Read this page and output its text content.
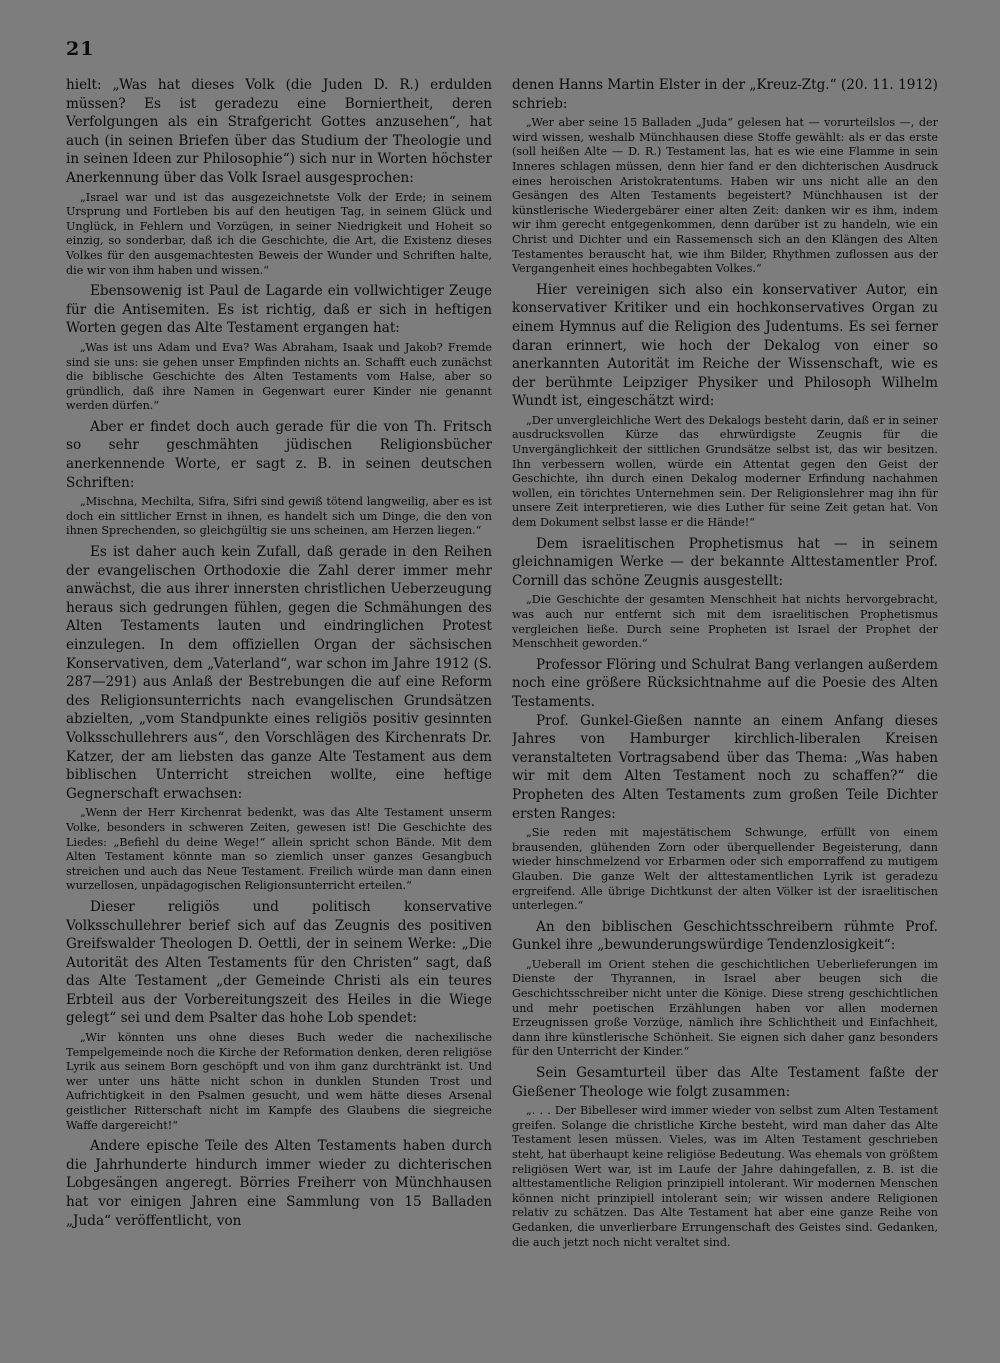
21

hielt: „Was hat dieses Volk (die Juden D. R.) erdulden müssen? Es ist geradezu eine Borniertheit, deren Verfolgungen als ein Strafgericht Gottes anzusehen“, hat auch (in seinen Briefen über das Studium der Theologie und in seinen Ideen zur Philosophie“) sich nur in Worten höchster Anerkennung über das Volk Israel ausgesprochen:

„Israel war und ist das ausgezeichnetste Volk der Erde; in seinem Ursprung und Fortleben bis auf den heutigen Tag, in seinem Glück und Unglück, in Fehlern und Vorzügen, in seiner Niedrigkeit und Hoheit so einzig, so sonderbar, daß ich die Geschichte, die Art, die Existenz dieses Volkes für den ausgemachtesten Beweis der Wunder und Schriften halte, die wir von ihm haben und wissen.“

Ebensowenig ist Paul de Lagarde ein vollwichtiger Zeuge für die Antisemiten. Es ist richtig, daß er sich in heftigen Worten gegen das Alte Testament ergangen hat:

„Was ist uns Adam und Eva? Was Abraham, Isaak und Jakob? Fremde sind sie uns: sie gehen unser Empfinden nichts an. Schafft euch zunächst die biblische Geschichte des Alten Testaments vom Halse, aber so gründlich, daß ihre Namen in Gegenwart eurer Kinder nie genannt werden dürfen.“

Aber er findet doch auch gerade für die von Th. Fritsch so sehr geschmähten jüdischen Religionsbücher anerkennende Worte, er sagt z. B. in seinen deutschen Schriften:

„Mischna, Mechilta, Sifra, Sifri sind gewiß tötend langweilig, aber es ist doch ein sittlicher Ernst in ihnen, es handelt sich um Dinge, die den von ihnen Sprechenden, so gleichgültig sie uns scheinen, am Herzen liegen.“

Es ist daher auch kein Zufall, daß gerade in den Reihen der evangelischen Orthodoxie die Zahl derer immer mehr anwächst, die aus ihrer innersten christlichen Ueberzeugung heraus sich gedrungen fühlen, gegen die Schmähungen des Alten Testaments lauten und eindringlichen Protest einzulegen. In dem offiziellen Organ der sächsischen Konservativen, dem „Vaterland“, war schon im Jahre 1912 (S. 287—291) aus Anlaß der Bestrebungen die auf eine Reform des Religionsunterrichts nach evangelischen Grundsätzen abzielten, „vom Standpunkte eines religiös positiv gesinnten Volksschullehrers aus“, den Vorschlägen des Kirchenrats Dr. Katzer, der am liebsten das ganze Alte Testament aus dem biblischen Unterricht streichen wollte, eine heftige Gegnerschaft erwachsen:

„Wenn der Herr Kirchenrat bedenkt, was das Alte Testament unserm Volke, besonders in schweren Zeiten, gewesen ist! Die Geschichte des Liedes: „Befiehl du deine Wege!“ allein spricht schon Bände. Mit dem Alten Testament könnte man so ziemlich unser ganzes Gesangbuch streichen und auch das Neue Testament. Freilich würde man dann einen wurzellosen, unpädagogischen Religionsunterricht erteilen.“

Dieser religiös und politisch konservative Volksschullehrer berief sich auf das Zeugnis des positiven Greifswalder Theologen D. Oettli, der in seinem Werke: „Die Autorität des Alten Testaments für den Christen“ sagt, daß das Alte Testament „der Gemeinde Christi als ein teures Erbteil aus der Vorbereitungszeit des Heiles in die Wiege gelegt“ sei und dem Psalter das hohe Lob spendet:

„Wir könnten uns ohne dieses Buch weder die nachexilische Tempelgemeinde noch die Kirche der Reformation denken, deren religiöse Lyrik aus seinem Born geschöpft und von ihm ganz durchtränkt ist. Und wer unter uns hätte nicht schon in dunklen Stunden Trost und Aufrichtigkeit in den Psalmen gesucht, und wem hätte dieses Arsenal geistlicher Ritterschaft nicht im Kampfe des Glaubens die siegreiche Waffe dargereicht!“

Andere epische Teile des Alten Testaments haben durch die Jahrhunderte hindurch immer wieder zu dichterischen Lobgesängen angeregt. Börries Freiherr von Münchhausen hat vor einigen Jahren eine Sammlung von 15 Balladen „Juda“ veröffentlicht, von

denen Hanns Martin Elster in der „Kreuz-Ztg.“ (20. 11. 1912) schrieb:

„Wer aber seine 15 Balladen „Juda“ gelesen hat — vorurteilslos —, der wird wissen, weshalb Münchhausen diese Stoffe gewählt: als er das erste (soll heißen Alte — D. R.) Testament las, hat es wie eine Flamme in sein Inneres schlagen müssen, denn hier fand er den dichterischen Ausdruck eines heroischen Aristokratentums. Haben wir uns nicht alle an den Gesängen des Alten Testaments begeistert? Münchhausen ist der künstlerische Wiedergebärer einer alten Zeit: danken wir es ihm, indem wir ihm gerecht entgegenkommen, denn darüber ist zu handeln, wie ein Christ und Dichter und ein Rassemensch sich an den Klängen des Alten Testamentes berauscht hat, wie ihm Bilder, Rhythmen zuflossen aus der Vergangenheit eines hochbegabten Volkes.“

Hier vereinigen sich also ein konservativer Autor, ein konservativer Kritiker und ein hochkonservatives Organ zu einem Hymnus auf die Religion des Judentums. Es sei ferner daran erinnert, wie hoch der Dekalog von einer so anerkannten Autorität im Reiche der Wissenschaft, wie es der berühmte Leipziger Physiker und Philosoph Wilhelm Wundt ist, eingeschätzt wird:

„Der unvergleichliche Wert des Dekalogs besteht darin, daß er in seiner ausdrucksvollen Kürze das ehrwürdigste Zeugnis für die Unvergänglichkeit der sittlichen Grundsätze selbst ist, das wir besitzen. Ihn verbessern wollen, würde ein Attentat gegen den Geist der Geschichte, ihn durch einen Dekalog moderner Erfindung nachahmen wollen, ein törichtes Unternehmen sein. Der Religionslehrer mag ihn für unsere Zeit interpretieren, wie dies Luther für seine Zeit getan hat. Von dem Dokument selbst lasse er die Hände!“

Dem israelitischen Prophetismus hat — in seinem gleichnamigen Werke — der bekannte Alttestamentler Prof. Cornill das schöne Zeugnis ausgestellt:

„Die Geschichte der gesamten Menschheit hat nichts hervorgebracht, was auch nur entfernt sich mit dem israelitischen Prophetismus vergleichen ließe. Durch seine Propheten ist Israel der Prophet der Menschheit geworden.“

Professor Flöring und Schulrat Bang verlangen außerdem noch eine größere Rücksichtnahme auf die Poesie des Alten Testaments.

Prof. Gunkel-Gießen nannte an einem Anfang dieses Jahres von Hamburger kirchlich-liberalen Kreisen veranstalteten Vortragsabend über das Thema: „Was haben wir mit dem Alten Testament noch zu schaffen?“ die Propheten des Alten Testaments zum großen Teile Dichter ersten Ranges:

„Sie reden mit majestätischem Schwunge, erfüllt von einem brausenden, glühenden Zorn oder überquellender Begeisterung, dann wieder hinschmelzend vor Erbarmen oder sich emporraffend zu mutigem Glauben. Die ganze Welt der alttestamentlichen Lyrik ist geradezu ergreifend. Alle übrige Dichtkunst der alten Völker ist der israelitischen unterlegen.“

An den biblischen Geschichtsschreibern rühmte Prof. Gunkel ihre „bewunderungswürdige Tendenzlosigkeit“:

„Ueberall im Orient stehen die geschichtlichen Ueberlieferungen im Dienste der Thyrannen, in Israel aber beugen sich die Geschichtsschreiber nicht unter die Könige. Diese streng geschichtlichen und mehr poetischen Erzählungen haben vor allen modernen Erzeugnissen große Vorzüge, nämlich ihre Schlichtheit und Einfachheit, dann ihre künstlerische Schönheit. Sie eignen sich daher ganz besonders für den Unterricht der Kinder.“

Sein Gesamturteil über das Alte Testament faßte der Gießener Theologe wie folgt zusammen:

„. . . Der Bibelleser wird immer wieder von selbst zum Alten Testament greifen. Solange die christliche Kirche besteht, wird man daher das Alte Testament lesen müssen. Vieles, was im Alten Testament geschrieben steht, hat überhaupt keine religiöse Bedeutung. Was ehemals von größtem religiösen Wert war, ist im Laufe der Jahre dahingefallen, z. B. ist die alttestamentliche Religion prinzipiell intolerant. Wir modernen Menschen können nicht prinzipiell intolerant sein; wir wissen andere Religionen relativ zu schätzen. Das Alte Testament hat aber eine ganze Reihe von Gedanken, die unverlierbare Errungenschaft des Geistes sind. Gedanken, die auch jetzt noch nicht veraltet sind.
